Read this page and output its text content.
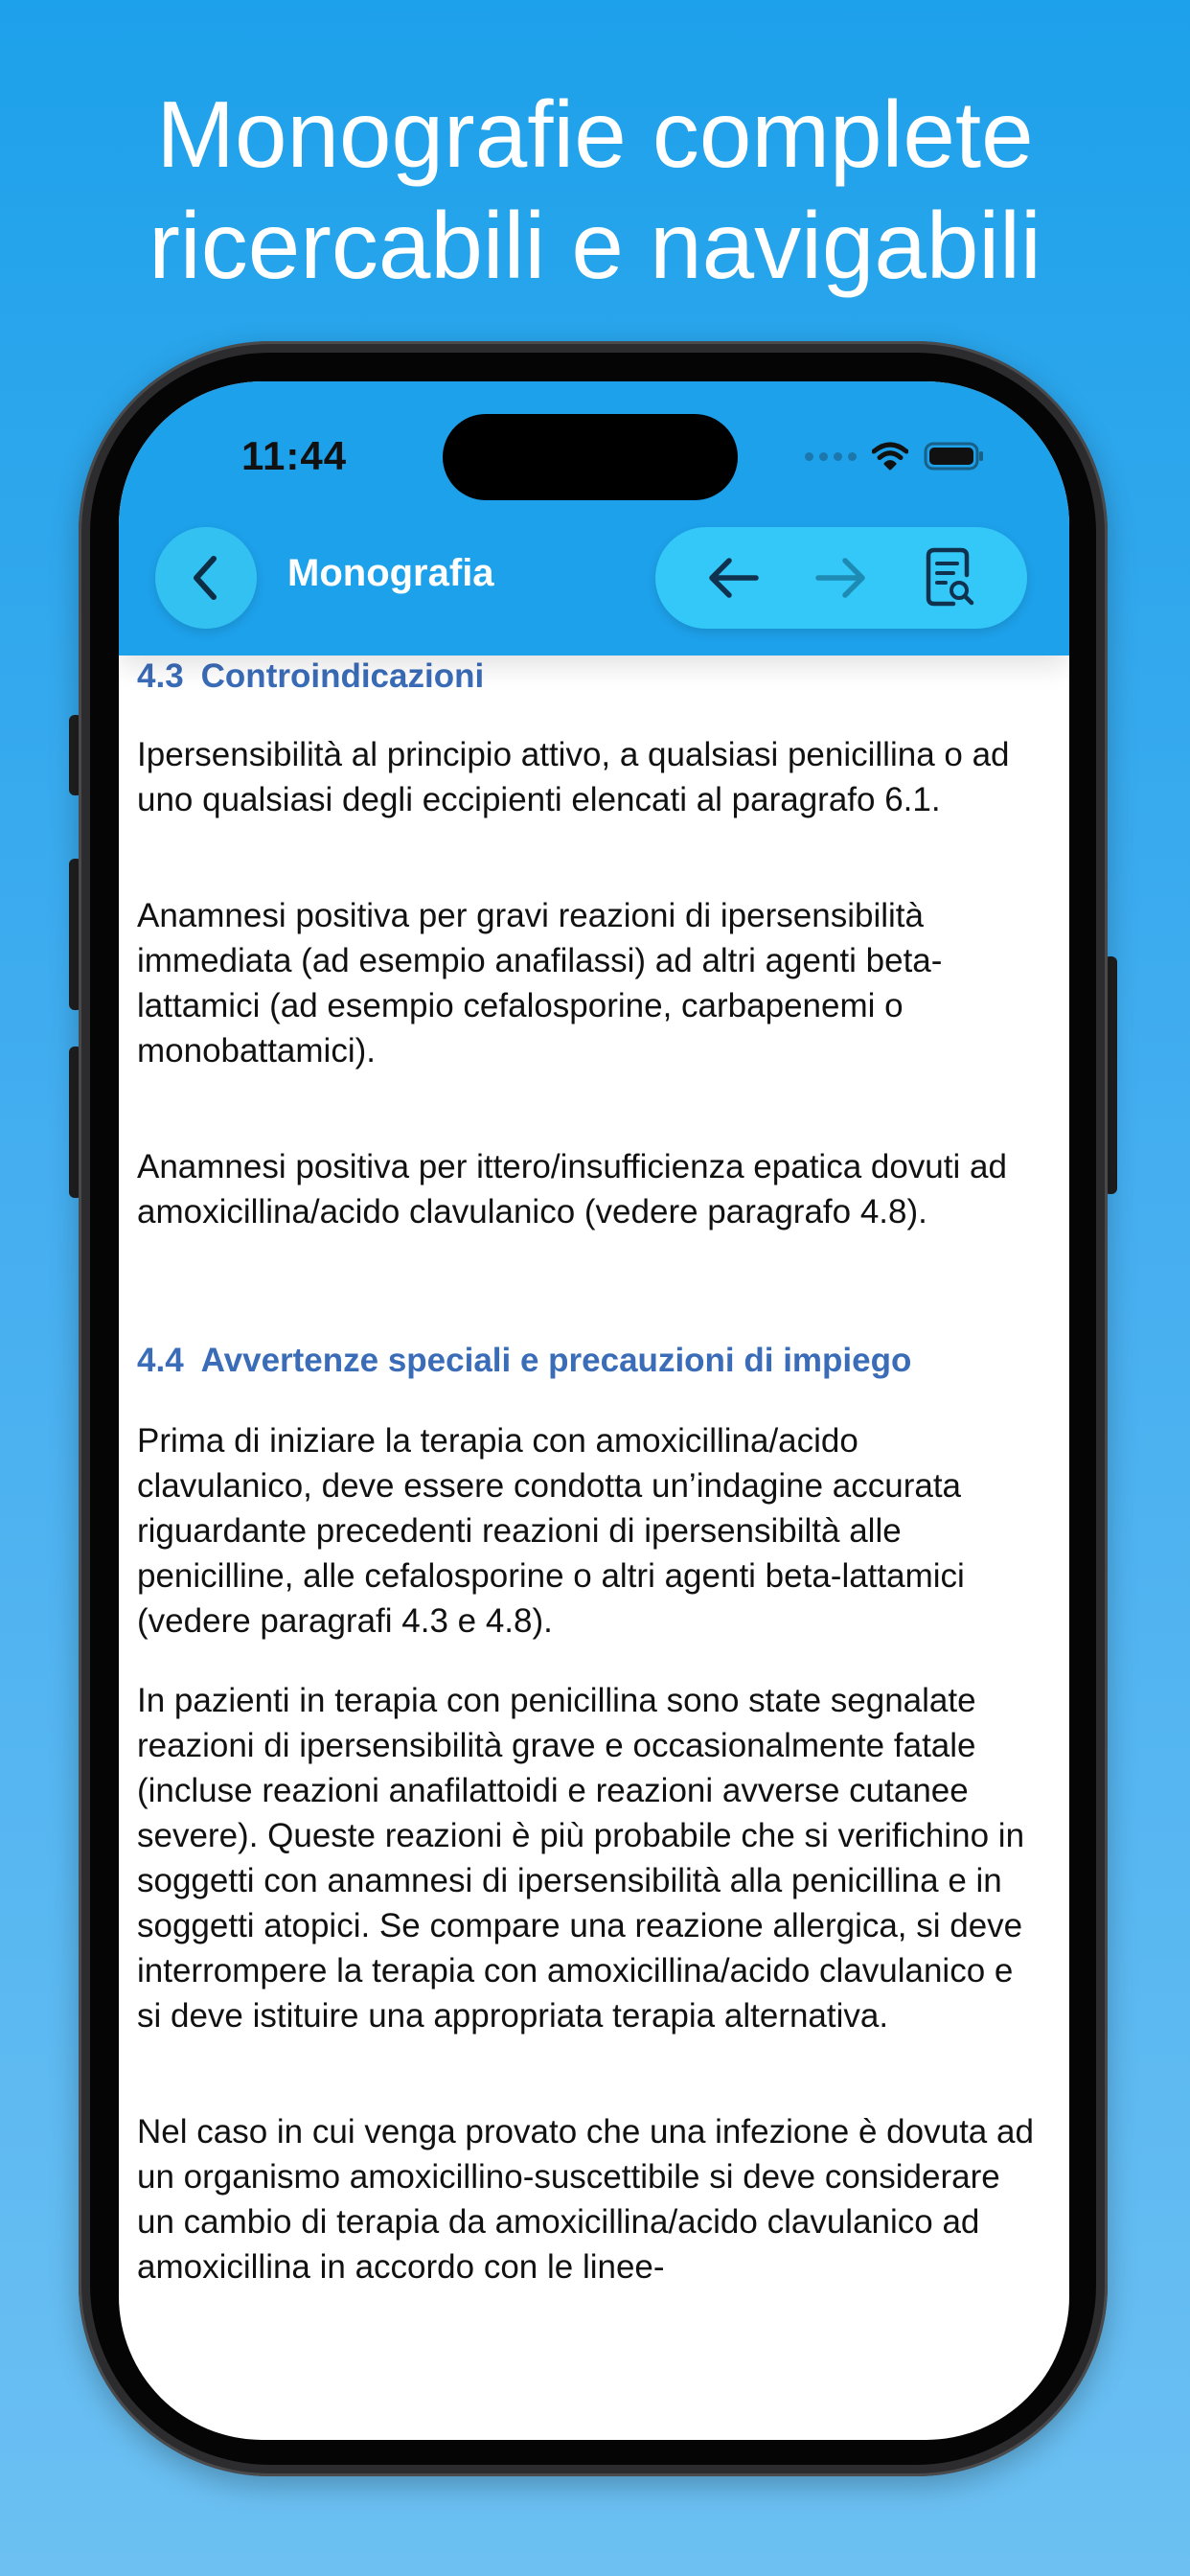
Monografie complete
ricercabili e navigabili
11:44
Monografia
4.3 Controindicazioni

Ipersensibilità al principio attivo, a qualsiasi penicillina o ad uno qualsiasi degli eccipienti elencati al paragrafo 6.1.

Anamnesi positiva per gravi reazioni di ipersensibilità immediata (ad esempio anafilassi) ad altri agenti beta-lattamici (ad esempio cefalosporine, carbapenemi o monobattamici).

Anamnesi positiva per ittero/insufficienza epatica dovuti ad amoxicillina/acido clavulanico (vedere paragrafo 4.8).

4.4 Avvertenze speciali e precauzioni di impiego

Prima di iniziare la terapia con amoxicillina/acido clavulanico, deve essere condotta un’indagine accurata riguardante precedenti reazioni di ipersensibiltà alle penicilline, alle cefalosporine o altri agenti beta-lattamici (vedere paragrafi 4.3 e 4.8).

In pazienti in terapia con penicillina sono state segnalate reazioni di ipersensibilità grave e occasionalmente fatale (incluse reazioni anafilattoidi e reazioni avverse cutanee severe). Queste reazioni è più probabile che si verifichino in soggetti con anamnesi di ipersensibilità alla penicillina e in soggetti atopici. Se compare una reazione allergica, si deve interrompere la terapia con amoxicillina/acido clavulanico e si deve istituire una appropriata terapia alternativa.

Nel caso in cui venga provato che una infezione è dovuta ad un organismo amoxicillino-suscettibile si deve considerare un cambio di terapia da amoxicillina/acido clavulanico ad amoxicillina in accordo con le linee-
